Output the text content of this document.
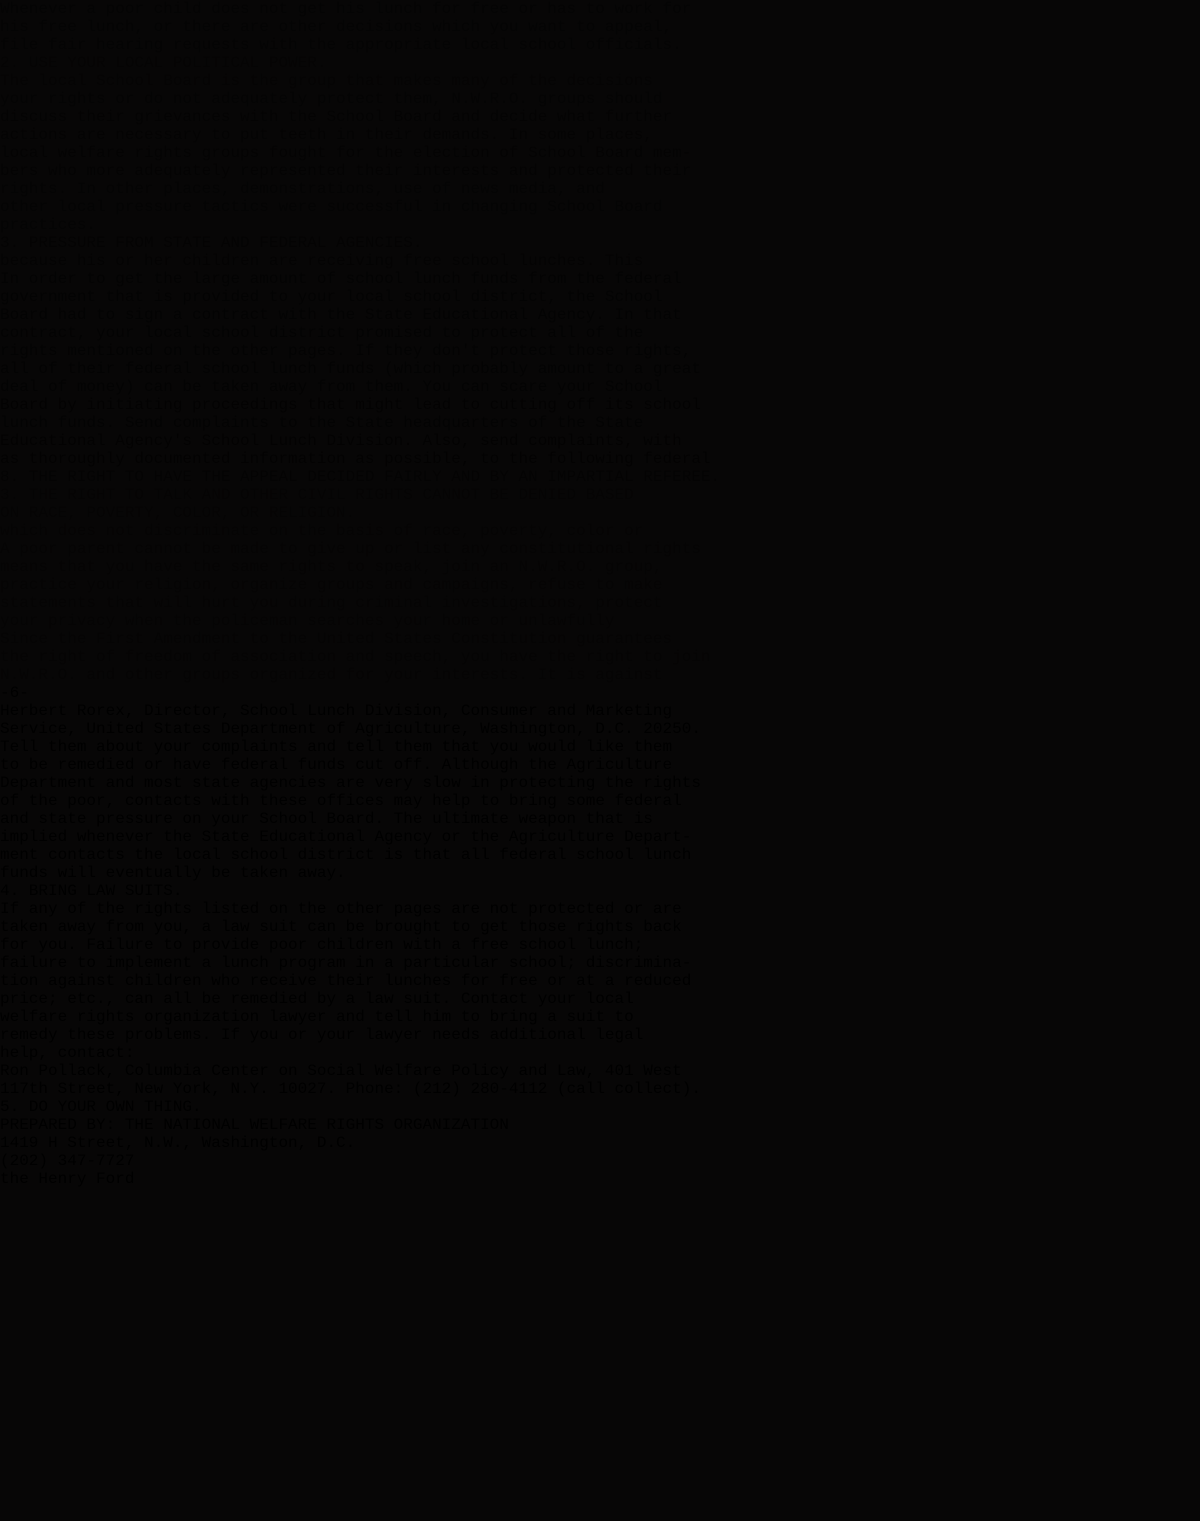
Whenever a poor child does not get his lunch for free or has to work for
his free lunch, or there are other decisions which you want to appeal,
file fair hearing requests with the appropriate local school officials.
2. USE YOUR LOCAL POLITICAL POWER.
The local School Board is the group that makes many of the decisions
your rights or do not adequately protect them, N.W.R.O. groups should
discuss their grievances with the School Board and decide what further
actions are necessary to put teeth in their demands. In some places,
local welfare rights groups fought for the election of School Board mem-
bers who more adequately represented their interests and protected their
rights. In other places, demonstrations, use of news media, and
other local pressure tactics were successful in changing School Board
practices.
3. PRESSURE FROM STATE AND FEDERAL AGENCIES.
because his or her children are receiving free school lunches. This
In order to get the large amount of school lunch funds from the federal
government that is provided to your local school district, the School
Board had to sign a contract with the State Educational Agency. In that
contract, your local school district promised to protect all of the
rights mentioned on the other pages. If they don't protect those rights,
all of their federal school lunch funds (which probably amount to a great
deal of money) can be taken away from them. You can scare your School
Board by initiating proceedings that might lead to cutting off its school
lunch funds. Send complaints to the State headquarters of the State
Educational Agency's School Lunch Division. Also, send complaints, with
as thoroughly documented information as possible, to the following federal
8. THE RIGHT TO HAVE THE APPEAL DECIDED FAIRLY AND BY AN IMPARTIAL REFEREE.
3. THE RIGHT TO TALK AND OTHER CIVIL RIGHTS CANNOT BE DENIED BASED
ON RACE, POVERTY, COLOR, OR RELIGION.
which does not discriminate on the basis of race, poverty, color or
A poor parent cannot be made to give up or list any constitutional rights
means that you have the same rights to speak, join an N.W.R.O. group,
practice your religion, organize groups and campaigns, refuse to make
statements that will hurt you during criminal investigations, protect
your privacy when the policeman searches your home or unlawfully
Since the First Amendment to the United States Constitution guarantees
the right of freedom of association and speech, you have the right to join
N.W.R.O. and other groups organized for your interests. It is against
-6-
Herbert Rorex, Director, School Lunch Division, Consumer and Marketing
Service, United States Department of Agriculture, Washington, D.C. 20250.
Tell them about your complaints and tell them that you would like them
to be remedied or have federal funds cut off. Although the Agriculture
Department and most state agencies are very slow in protecting the rights
of the poor, contacts with these offices may help to bring some federal
and state pressure on your School Board. The ultimate weapon that is
implied whenever the State Educational Agency or the Agriculture Depart-
ment contacts the local school district is that all federal school lunch
funds will eventually be taken away.
4. BRING LAW SUITS.
If any of the rights listed on the other pages are not protected or are
taken away from you, a law suit can be brought to get those rights back
for you. Failure to provide poor children with a free school lunch;
failure to implement a lunch program in a particular school; discrimina-
tion against children who receive their lunches for free or at a reduced
price; etc., can all be remedied by a law suit. Contact your local
welfare rights organization lawyer and tell him to bring a suit to
remedy these problems. If you or your lawyer needs additional legal
help, contact:
Ron Pollack, Columbia Center on Social Welfare Policy and Law, 401 West
117th Street, New York, N.Y. 10027. Phone: (212) 280-4112 (call collect).
5. DO YOUR OWN THING.
PREPARED BY: THE NATIONAL WELFARE RIGHTS ORGANIZATION
1419 H Street, N.W., Washington, D.C.
(202) 347-7727
the Henry Ford
